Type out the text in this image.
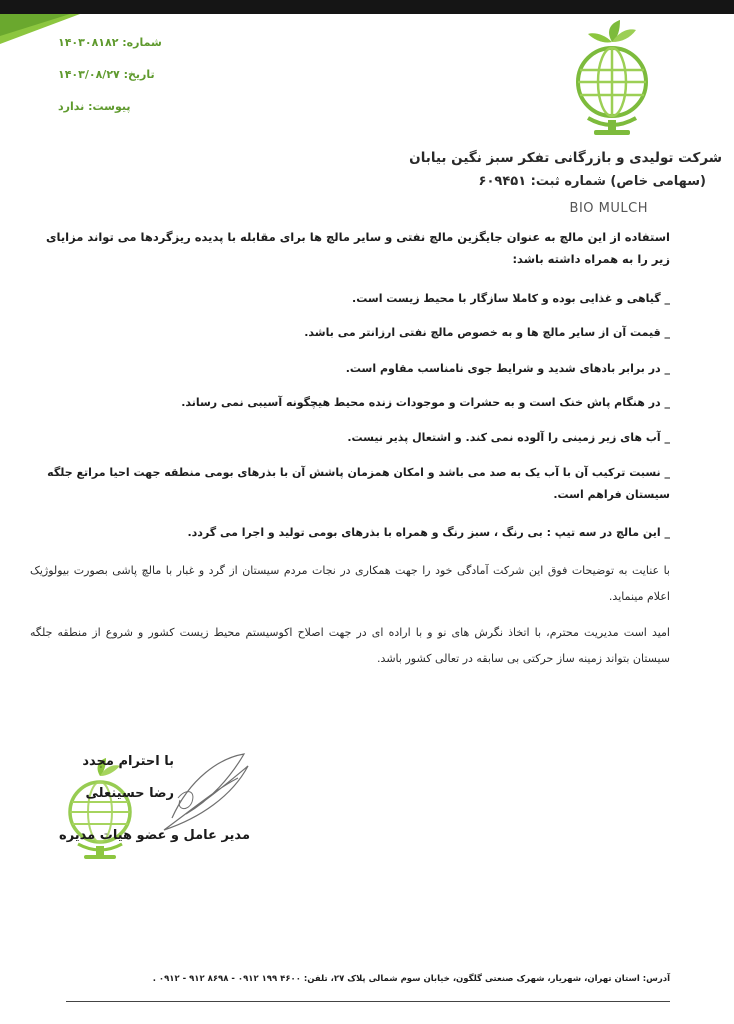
شماره: ۱۴۰۳۰۸۱۸۲
تاریخ: ۱۴۰۳/۰۸/۲۷
پیوست: ندارد
شرکت تولیدی و بازرگانی تفکر سبز نگین بیابان
(سهامی خاص) شماره ثبت: ۶۰۹۴۵۱
BIO MULCH
استفاده از این مالچ به عنوان جایگزین مالچ نفتی و سایر مالچ ها برای مقابله با پدیده ریزگردها می تواند مزایای زیر را به همراه داشته باشد:
_ گیاهی و غذایی بوده و کاملا سازگار با محیط زیست است.
_ قیمت آن از سایر مالچ ها و به خصوص مالچ نفتی ارزانتر می باشد.
_ در برابر بادهای شدید و شرایط جوی نامناسب مقاوم است.
_ در هنگام پاش خنک است و به حشرات و موجودات زنده محیط هیچگونه آسیبی نمی رساند.
_ آب های زیر زمینی را آلوده نمی کند. و اشتعال پذیر نیست.
_ نسبت ترکیب آن با آب یک به صد می باشد و امکان همزمان پاشش آن با بذرهای بومی منطقه جهت احیا مراتع جلگه سیستان فراهم است.
_ این مالچ در سه تیپ : بی رنگ ، سبز رنگ و همراه با بذرهای بومی تولید و اجرا می گردد.
با عنایت به توضیحات فوق این شرکت آمادگی خود را جهت همکاری در نجات مردم سیستان از گرد و غبار با مالچ پاشی بصورت بیولوژیک اعلام مینماید.
امید است مدیریت محترم، با اتخاذ نگرش های نو و با اراده ای در جهت اصلاح اکوسیستم محیط زیست کشور و شروع از منطقه جلگه سیستان بتواند زمینه ساز حرکتی بی سابقه در تعالی کشور باشد.
با احترام مجدد
رضا حسینعلی
مدیر عامل و عضو هیات مدیره
آدرس: استان تهران، شهریار، شهرک صنعتی گلگون، خیابان سوم شمالی پلاک ۲۷، تلفن: ۴۶۰۰ ۱۹۹ ۰۹۱۲ - ۸۶۹۸ ۹۱۲ - ۰۹۱۲ .
